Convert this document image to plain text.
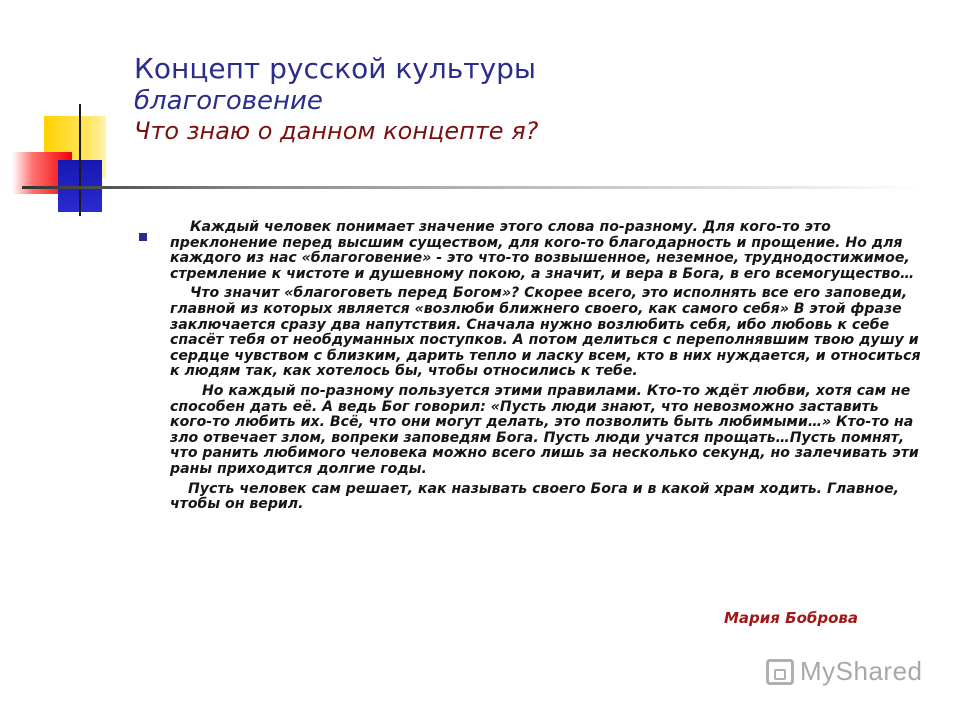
Концепт русской культуры
благоговение
Что знаю о данном концепте я?

Каждый человек понимает значение этого слова по-разному. Для кого-то это преклонение перед высшим существом, для кого-то благодарность и прощение. Но для каждого из нас «благоговение» - это что-то возвышенное, неземное, труднодостижимое, стремление к чистоте и душевному покою, а значит, и вера в Бога, в его всемогущество…

Что значит «благоговеть перед Богом»? Скорее всего, это исполнять все его заповеди, главной из которых является «возлюби ближнего своего, как самого себя» В этой фразе заключается сразу два напутствия. Сначала нужно возлюбить себя, ибо любовь к себе спасёт тебя от необдуманных поступков. А потом делиться с переполнявшим твою душу и сердце чувством с близким, дарить тепло и ласку всем, кто в них нуждается, и относиться к людям так, как хотелось бы, чтобы относились к тебе.

Но каждый по-разному пользуется этими правилами. Кто-то ждёт любви, хотя сам не способен дать её. А ведь Бог говорил: «Пусть люди знают, что невозможно заставить кого-то любить их. Всё, что они могут делать, это позволить быть любимыми…» Кто-то на зло отвечает злом, вопреки заповедям Бога. Пусть люди учатся прощать…Пусть помнят, что ранить любимого человека можно всего лишь за несколько секунд, но залечивать эти раны приходится долгие годы.

Пусть человек сам решает, как называть своего Бога и в какой храм ходить. Главное, чтобы он верил.

Мария Боброва
MyShared
